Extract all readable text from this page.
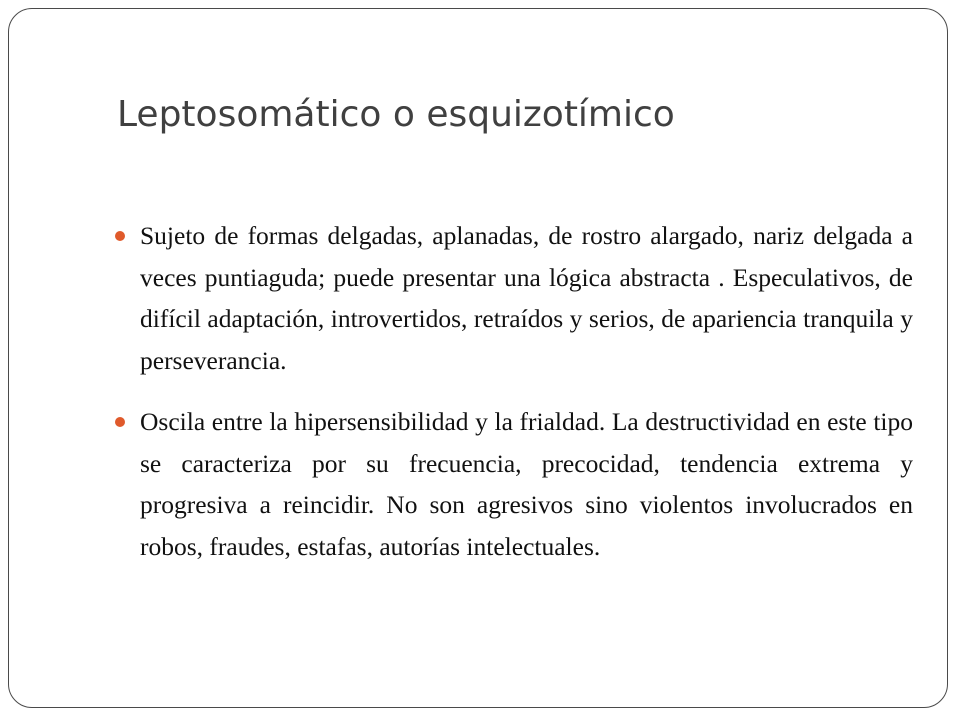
Leptosomático o esquizotímico
Sujeto de formas delgadas, aplanadas, de rostro alargado, nariz delgada a veces puntiaguda; puede presentar una lógica abstracta . Especulativos, de difícil adaptación, introvertidos, retraídos y serios, de apariencia tranquila y perseverancia.
Oscila entre la hipersensibilidad y la frialdad. La destructividad en este tipo se caracteriza por su frecuencia, precocidad, tendencia extrema y progresiva a reincidir. No son agresivos sino violentos involucrados en robos, fraudes, estafas, autorías intelectuales.
